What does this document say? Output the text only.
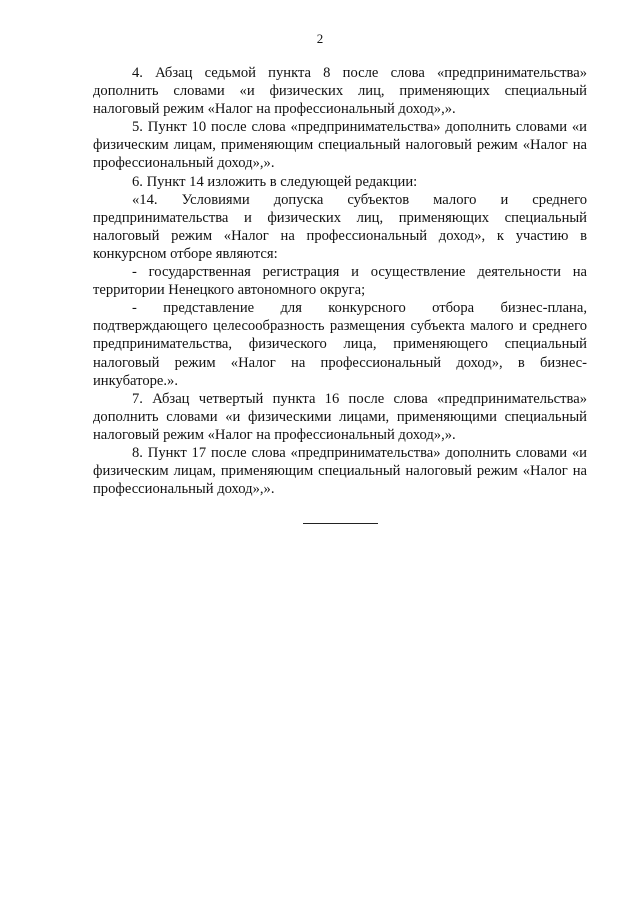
2

4. Абзац седьмой пункта 8 после слова «предпринимательства» дополнить словами «и физических лиц, применяющих специальный налоговый режим «Налог на профессиональный доход»,».

5. Пункт 10 после слова «предпринимательства» дополнить словами «и физическим лицам, применяющим специальный налоговый режим «Налог на профессиональный доход»,».

6. Пункт 14 изложить в следующей редакции:

«14. Условиями допуска субъектов малого и среднего предпринимательства и физических лиц, применяющих специальный налоговый режим «Налог на профессиональный доход», к участию в конкурсном отборе являются:

- государственная регистрация и осуществление деятельности на территории Ненецкого автономного округа;

- представление для конкурсного отбора бизнес-плана, подтверждающего целесообразность размещения субъекта малого и среднего предпринимательства, физического лица, применяющего специальный налоговый режим «Налог на профессиональный доход», в бизнес-инкубаторе.».

7. Абзац четвертый пункта 16 после слова «предпринимательства» дополнить словами «и физическими лицами, применяющими специальный налоговый режим «Налог на профессиональный доход»,».

8. Пункт 17 после слова «предпринимательства» дополнить словами «и физическим лицам, применяющим специальный налоговый режим «Налог на профессиональный доход»,».
